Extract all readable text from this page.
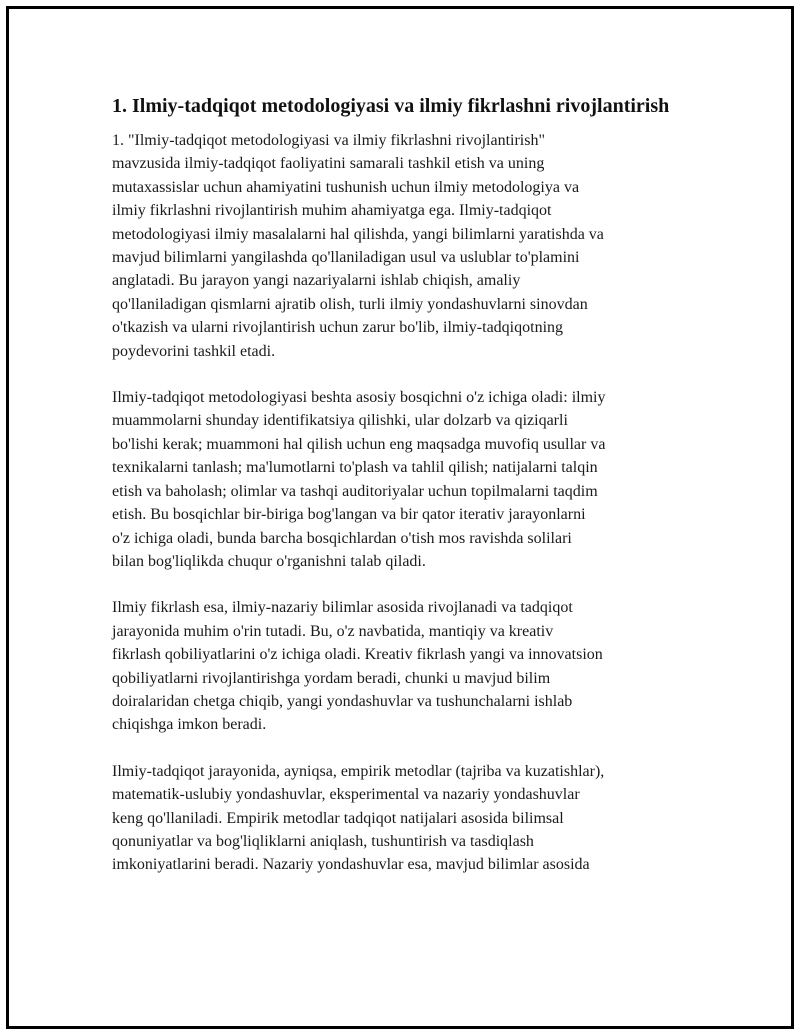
1. Ilmiy-tadqiqot metodologiyasi va ilmiy fikrlashni rivojlantirish

1. "Ilmiy-tadqiqot metodologiyasi va ilmiy fikrlashni rivojlantirish"
mavzusida ilmiy-tadqiqot faoliyatini samarali tashkil etish va uning
mutaxassislar uchun ahamiyatini tushunish uchun ilmiy metodologiya va
ilmiy fikrlashni rivojlantirish muhim ahamiyatga ega. Ilmiy-tadqiqot
metodologiyasi ilmiy masalalarni hal qilishda, yangi bilimlarni yaratishda va
mavjud bilimlarni yangilashda qo'llaniladigan usul va uslublar to'plamini
anglatadi. Bu jarayon yangi nazariyalarni ishlab chiqish, amaliy
qo'llaniladigan qismlarni ajratib olish, turli ilmiy yondashuvlarni sinovdan
o'tkazish va ularni rivojlantirish uchun zarur bo'lib, ilmiy-tadqiqotning
poydevorini tashkil etadi.

Ilmiy-tadqiqot metodologiyasi beshta asosiy bosqichni o'z ichiga oladi: ilmiy
muammolarni shunday identifikatsiya qilishki, ular dolzarb va qiziqarli
bo'lishi kerak; muammoni hal qilish uchun eng maqsadga muvofiq usullar va
texnikalarni tanlash; ma'lumotlarni to'plash va tahlil qilish; natijalarni talqin
etish va baholash; olimlar va tashqi auditoriyalar uchun topilmalarni taqdim
etish. Bu bosqichlar bir-biriga bog'langan va bir qator iterativ jarayonlarni
o'z ichiga oladi, bunda barcha bosqichlardan o'tish mos ravishda solilari
bilan bog'liqlikda chuqur o'rganishni talab qiladi.

Ilmiy fikrlash esa, ilmiy-nazariy bilimlar asosida rivojlanadi va tadqiqot
jarayonida muhim o'rin tutadi. Bu, o'z navbatida, mantiqiy va kreativ
fikrlash qobiliyatlarini o'z ichiga oladi. Kreativ fikrlash yangi va innovatsion
qobiliyatlarni rivojlantirishga yordam beradi, chunki u mavjud bilim
doiralaridan chetga chiqib, yangi yondashuvlar va tushunchalarni ishlab
chiqishga imkon beradi.

Ilmiy-tadqiqot jarayonida, ayniqsa, empirik metodlar (tajriba va kuzatishlar),
matematik-uslubiy yondashuvlar, eksperimental va nazariy yondashuvlar
keng qo'llaniladi. Empirik metodlar tadqiqot natijalari asosida bilimsal
qonuniyatlar va bog'liqliklarni aniqlash, tushuntirish va tasdiqlash
imkoniyatlarini beradi. Nazariy yondashuvlar esa, mavjud bilimlar asosida
